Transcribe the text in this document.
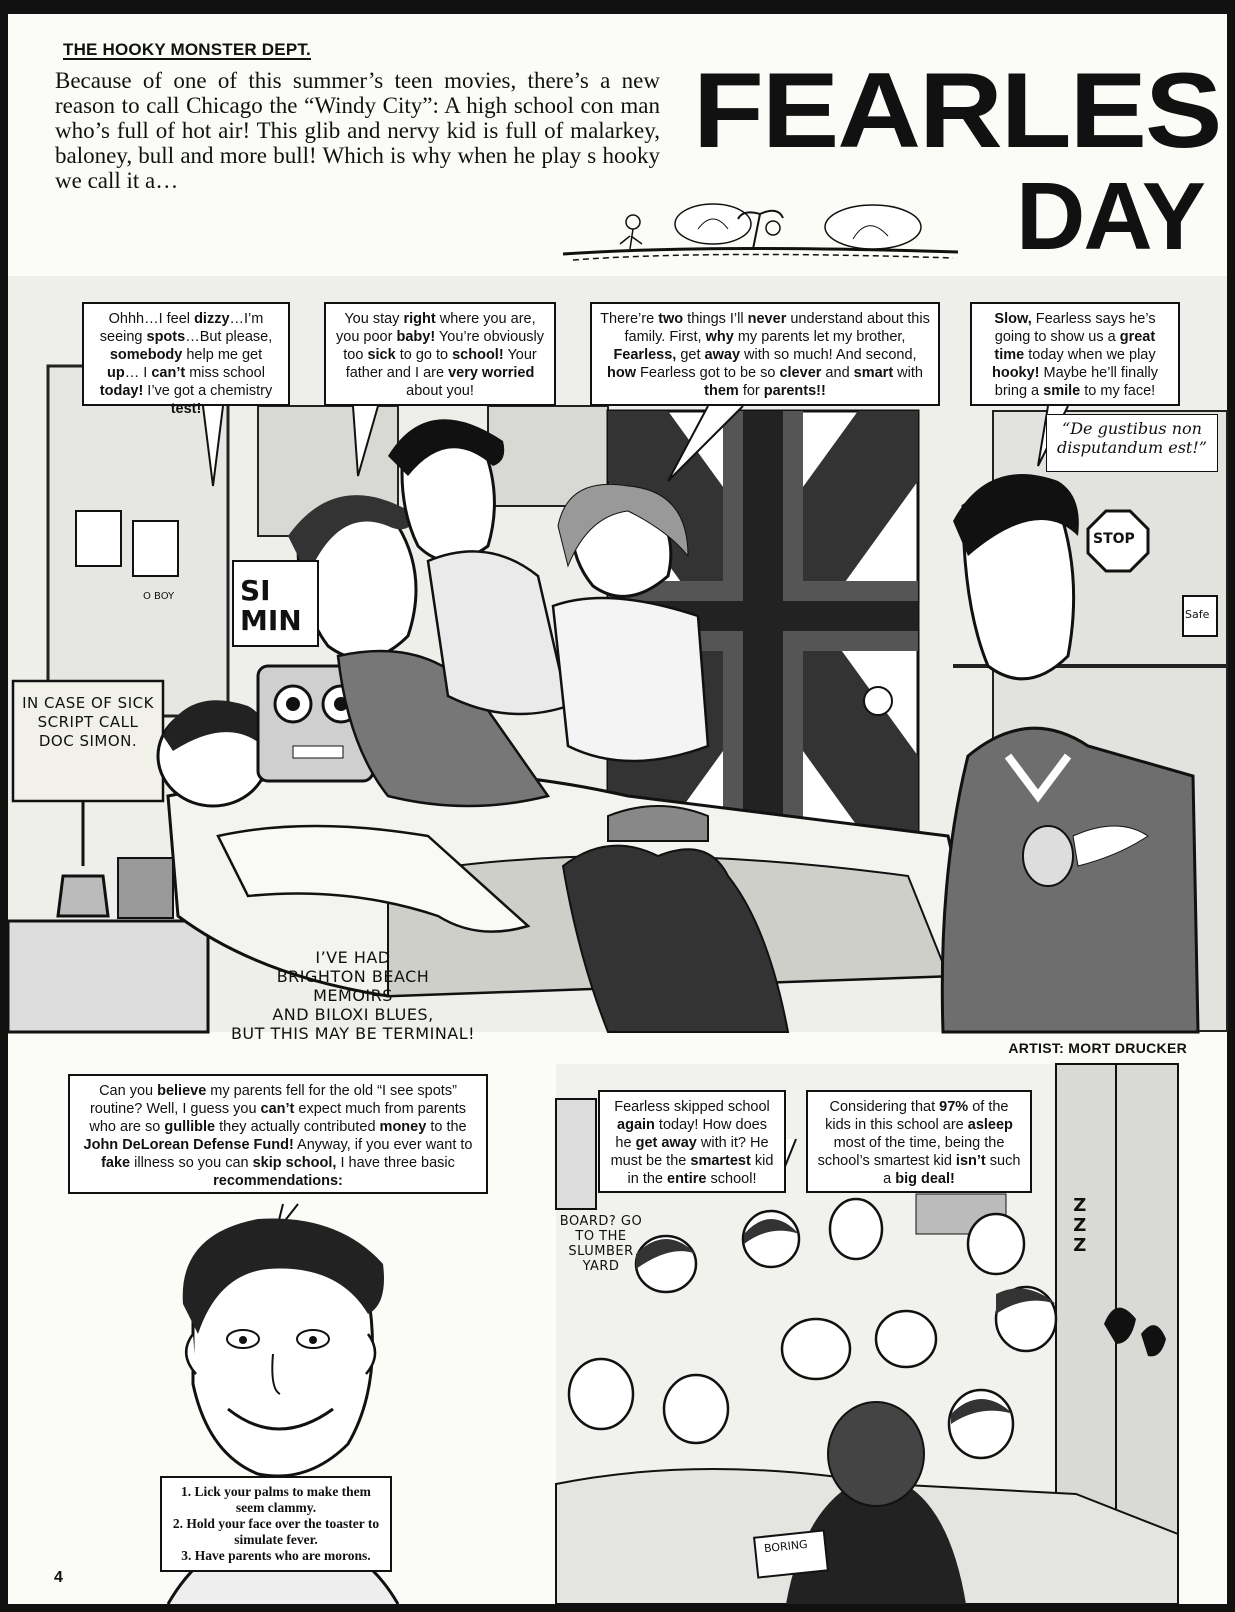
THE HOOKY MONSTER DEPT.

Because of one of this summer’s teen movies, there’s a new reason to call Chicago the “Windy City”: A high school con man who’s full of hot air! This glib and nervy kid is full of malarkey, baloney, bull and more bull! Which is why when he play s hooky we call it a…

FEARLES
DAY
Ohhh…I feel dizzy…I’m seeing spots…But please, somebody help me get up… I can’t miss school today! I’ve got a chemistry test!
You stay right where you are, you poor baby! You’re obviously too sick to go to school! Your father and I are very worried about you!
There’re two things I’ll never understand about this family. First, why my parents let my brother, Fearless, get away with so much! And second, how Fearless got to be so clever and smart with them for parents!!
Slow, Fearless says he’s going to show us a great time today when we play hooky! Maybe he’ll finally bring a smile to my face!
“De gustibus non disputandum est!”
IN CASE OF SICK SCRIPT CALL DOC SIMON.
STOP
Safe
SI MIN
O BOY
I’VE HAD
BRIGHTON BEACH
MEMOIRS
AND BILOXI BLUES,
BUT THIS MAY BE TERMINAL!
ARTIST: MORT DRUCKER
Can you believe my parents fell for the old “I see spots” routine? Well, I guess you can’t expect much from parents who are so gullible they actually contributed money to the John DeLorean Defense Fund! Anyway, if you ever want to fake illness so you can skip school, I have three basic recommendations:
1. Lick your palms to make them seem clammy.
2. Hold your face over the toaster to simulate fever.
3. Have parents who are morons.
Fearless skipped school again today! How does he get away with it? He must be the smartest kid in the entire school!
Considering that 97% of the kids in this school are asleep most of the time, being the school’s smartest kid isn’t such a big deal!
BOARD? GO TO THE SLUMBER YARD
ZZZ
BORING
4
